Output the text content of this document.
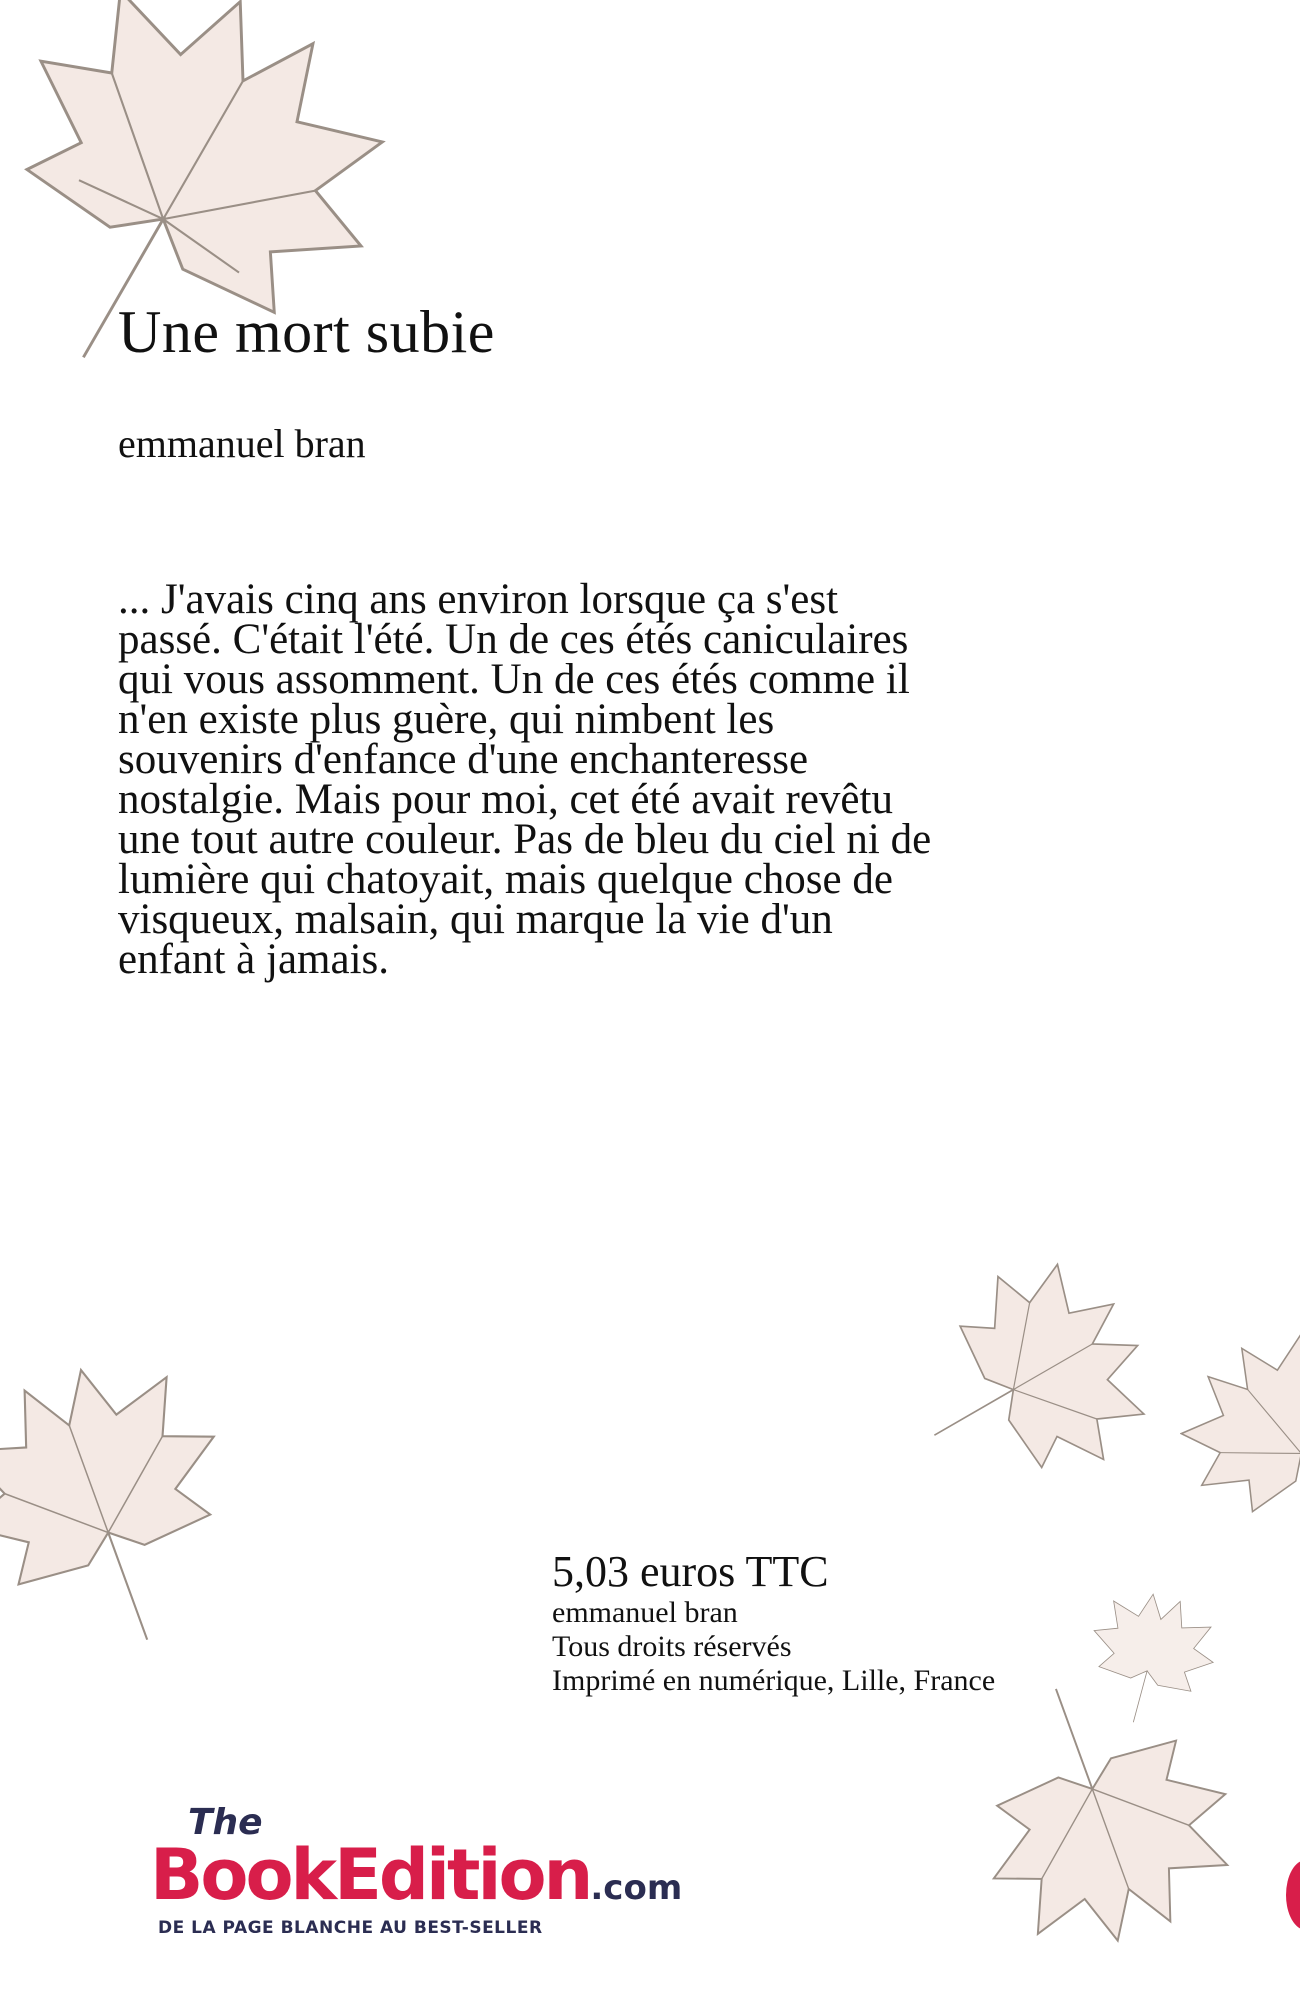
Une mort subie
emmanuel bran

... J'avais cinq ans environ lorsque ça s'est passé. C'était l'été. Un de ces étés caniculaires qui vous assomment. Un de ces étés comme il n'en existe plus guère, qui nimbent les souvenirs d'enfance d'une enchanteresse nostalgie. Mais pour moi, cet été avait revêtu une tout autre couleur. Pas de bleu du ciel ni de lumière qui chatoyait, mais quelque chose de visqueux, malsain, qui marque la vie d'un enfant à jamais.

5,03 euros TTC
emmanuel bran
Tous droits réservés
Imprimé en numérique, Lille, France
The
BookEdition.com
DE LA PAGE BLANCHE AU BEST-SELLER
